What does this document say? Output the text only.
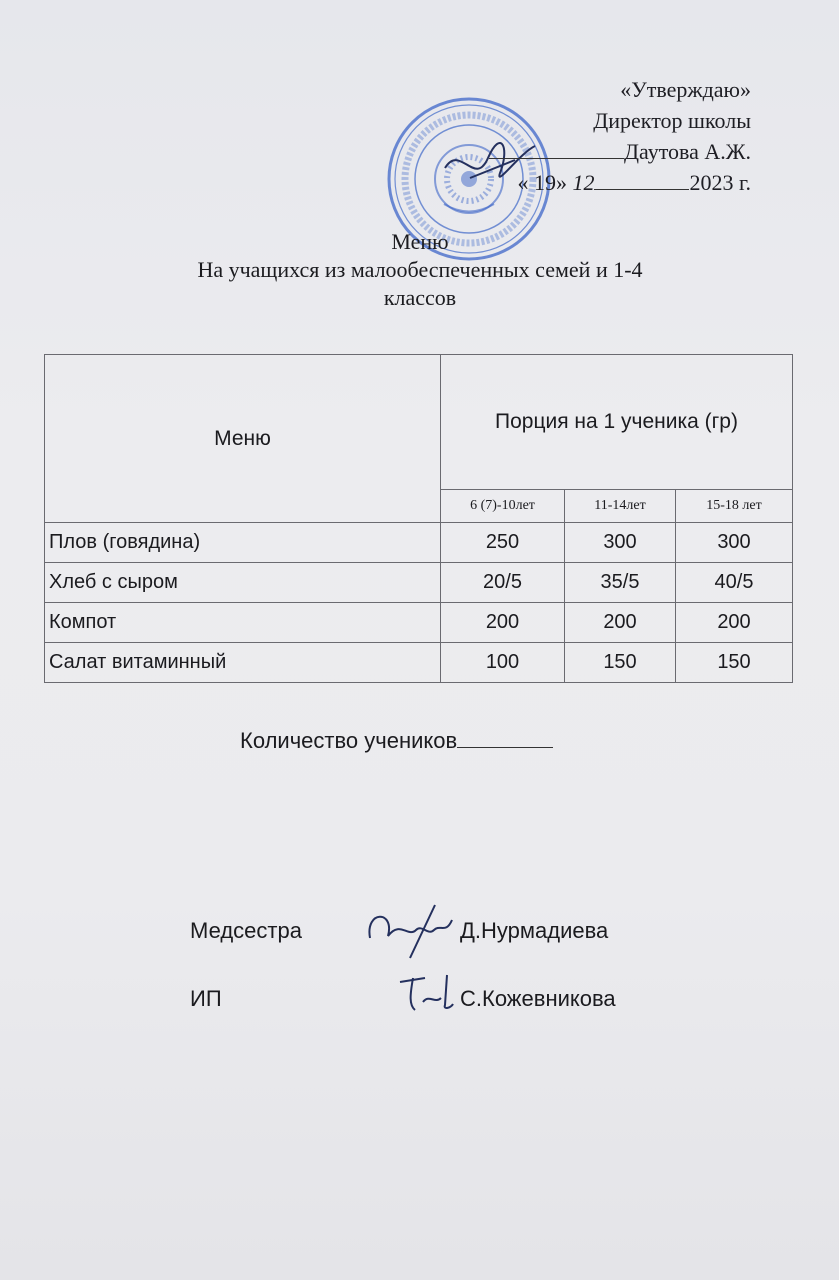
«Утверждаю»
Директор школы
Даутова А.Ж.
« 19» 12	2023 г.
Меню
На учащихся из малообеспеченных семей и 1-4
классов
Меню	Порция на 1 ученика (гр)		
	6 (7)-10лет	11-14лет	15-18 лет
Плов (говядина)	250	300	300
Хлеб с сыром	20/5	35/5	40/5
Компот	200	200	200
Салат витаминный	100	150	150
Количество учеников
Медсестра	Д.Нурмадиева
ИП	С.Кожевникова
